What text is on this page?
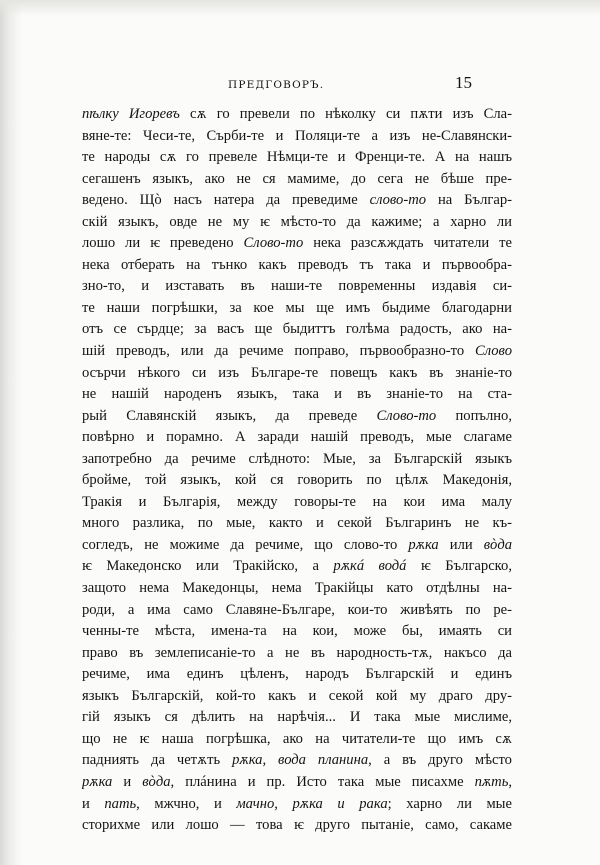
ПРЕДГОВОРЪ.	15
пѣлку Игоревъ сѫ го превели по нѣколку си пѫти изъ Сла-
вяне-те: Чеси-те, Сърби-те и Поляци-те а изъ не-Славянски-
те народы сѫ го превеле Нѣмци-те и Френци-те. А на нашъ
сегашенъ языкъ, ако не ся мамиме, до сега не бѣше пре-
ведено. Щò насъ натера да преведиме слово-то на Българ-
скій языкъ, овде не му ѥ мѣсто-то да кажиме; а харно ли
лошо ли ѥ преведено Слово-то нека разсѫждать читатели те
нека отберать на тънко какъ преводъ тъ така и първообра-
зно-то, и изставать въ наши-те повременны издавія си-
те наши погрѣшки, за кое мы ще имъ быдиме благодарни
отъ се сърдце; за васъ ще быдиттъ голѣма радость, ако на-
шій преводъ, или да речиме поправо, първообразно-то Слово
осърчи нѣкого си изъ Българе-те повещъ какъ въ знаніе-то
не нашій народенъ языкъ, така и въ знаніе-то на ста-
рый Славянскій языкъ, да преведе Слово-то попълно,
повѣрно и порамно. А заради нашій преводъ, мые слагаме
запотребно да речиме слѣдното: Мые, за Българскій языкъ
бройме, той языкъ, кой ся говорить по цѣлѫ Македонія,
Тракія и Българія, между говоры-те на кои има малу
много разлика, по мые, както и секой Българинъ не къ-
согледъ, не можиме да речиме, що слово-то рѫка или вòда
ѥ Македонско или Тракійско, а рѫкá водá ѥ Българско,
защото нема Македонцы, нема Тракійцы като отдѣлны на-
роди, а има само Славяне-Българе, кои-то живѣять по ре-
ченны-те мѣста, имена-та на кои, може бы, имаять си
право въ землеписаніе-то а не въ народность-тѫ, накъсо да
речиме, има единъ цѣленъ, народъ Българскій и единъ
языкъ Българскій, кой-то какъ и секой кой му драго дру-
гій языкъ ся дѣлить на нарѣчія... И така мые мислиме,
що не ѥ наша погрѣшка, ако на читатели-те що имъ сѫ
падниять да четѫть рѫка, вода планина, а въ друго мѣсто
рѫка и вòда, плáнина и пр. Исто така мые писахме пѫть,
и пать, мжчно, и мачно, рѫка и рака; харно ли мые
сторихме или лошо — това ѥ друго пытаніе, само, сакаме
